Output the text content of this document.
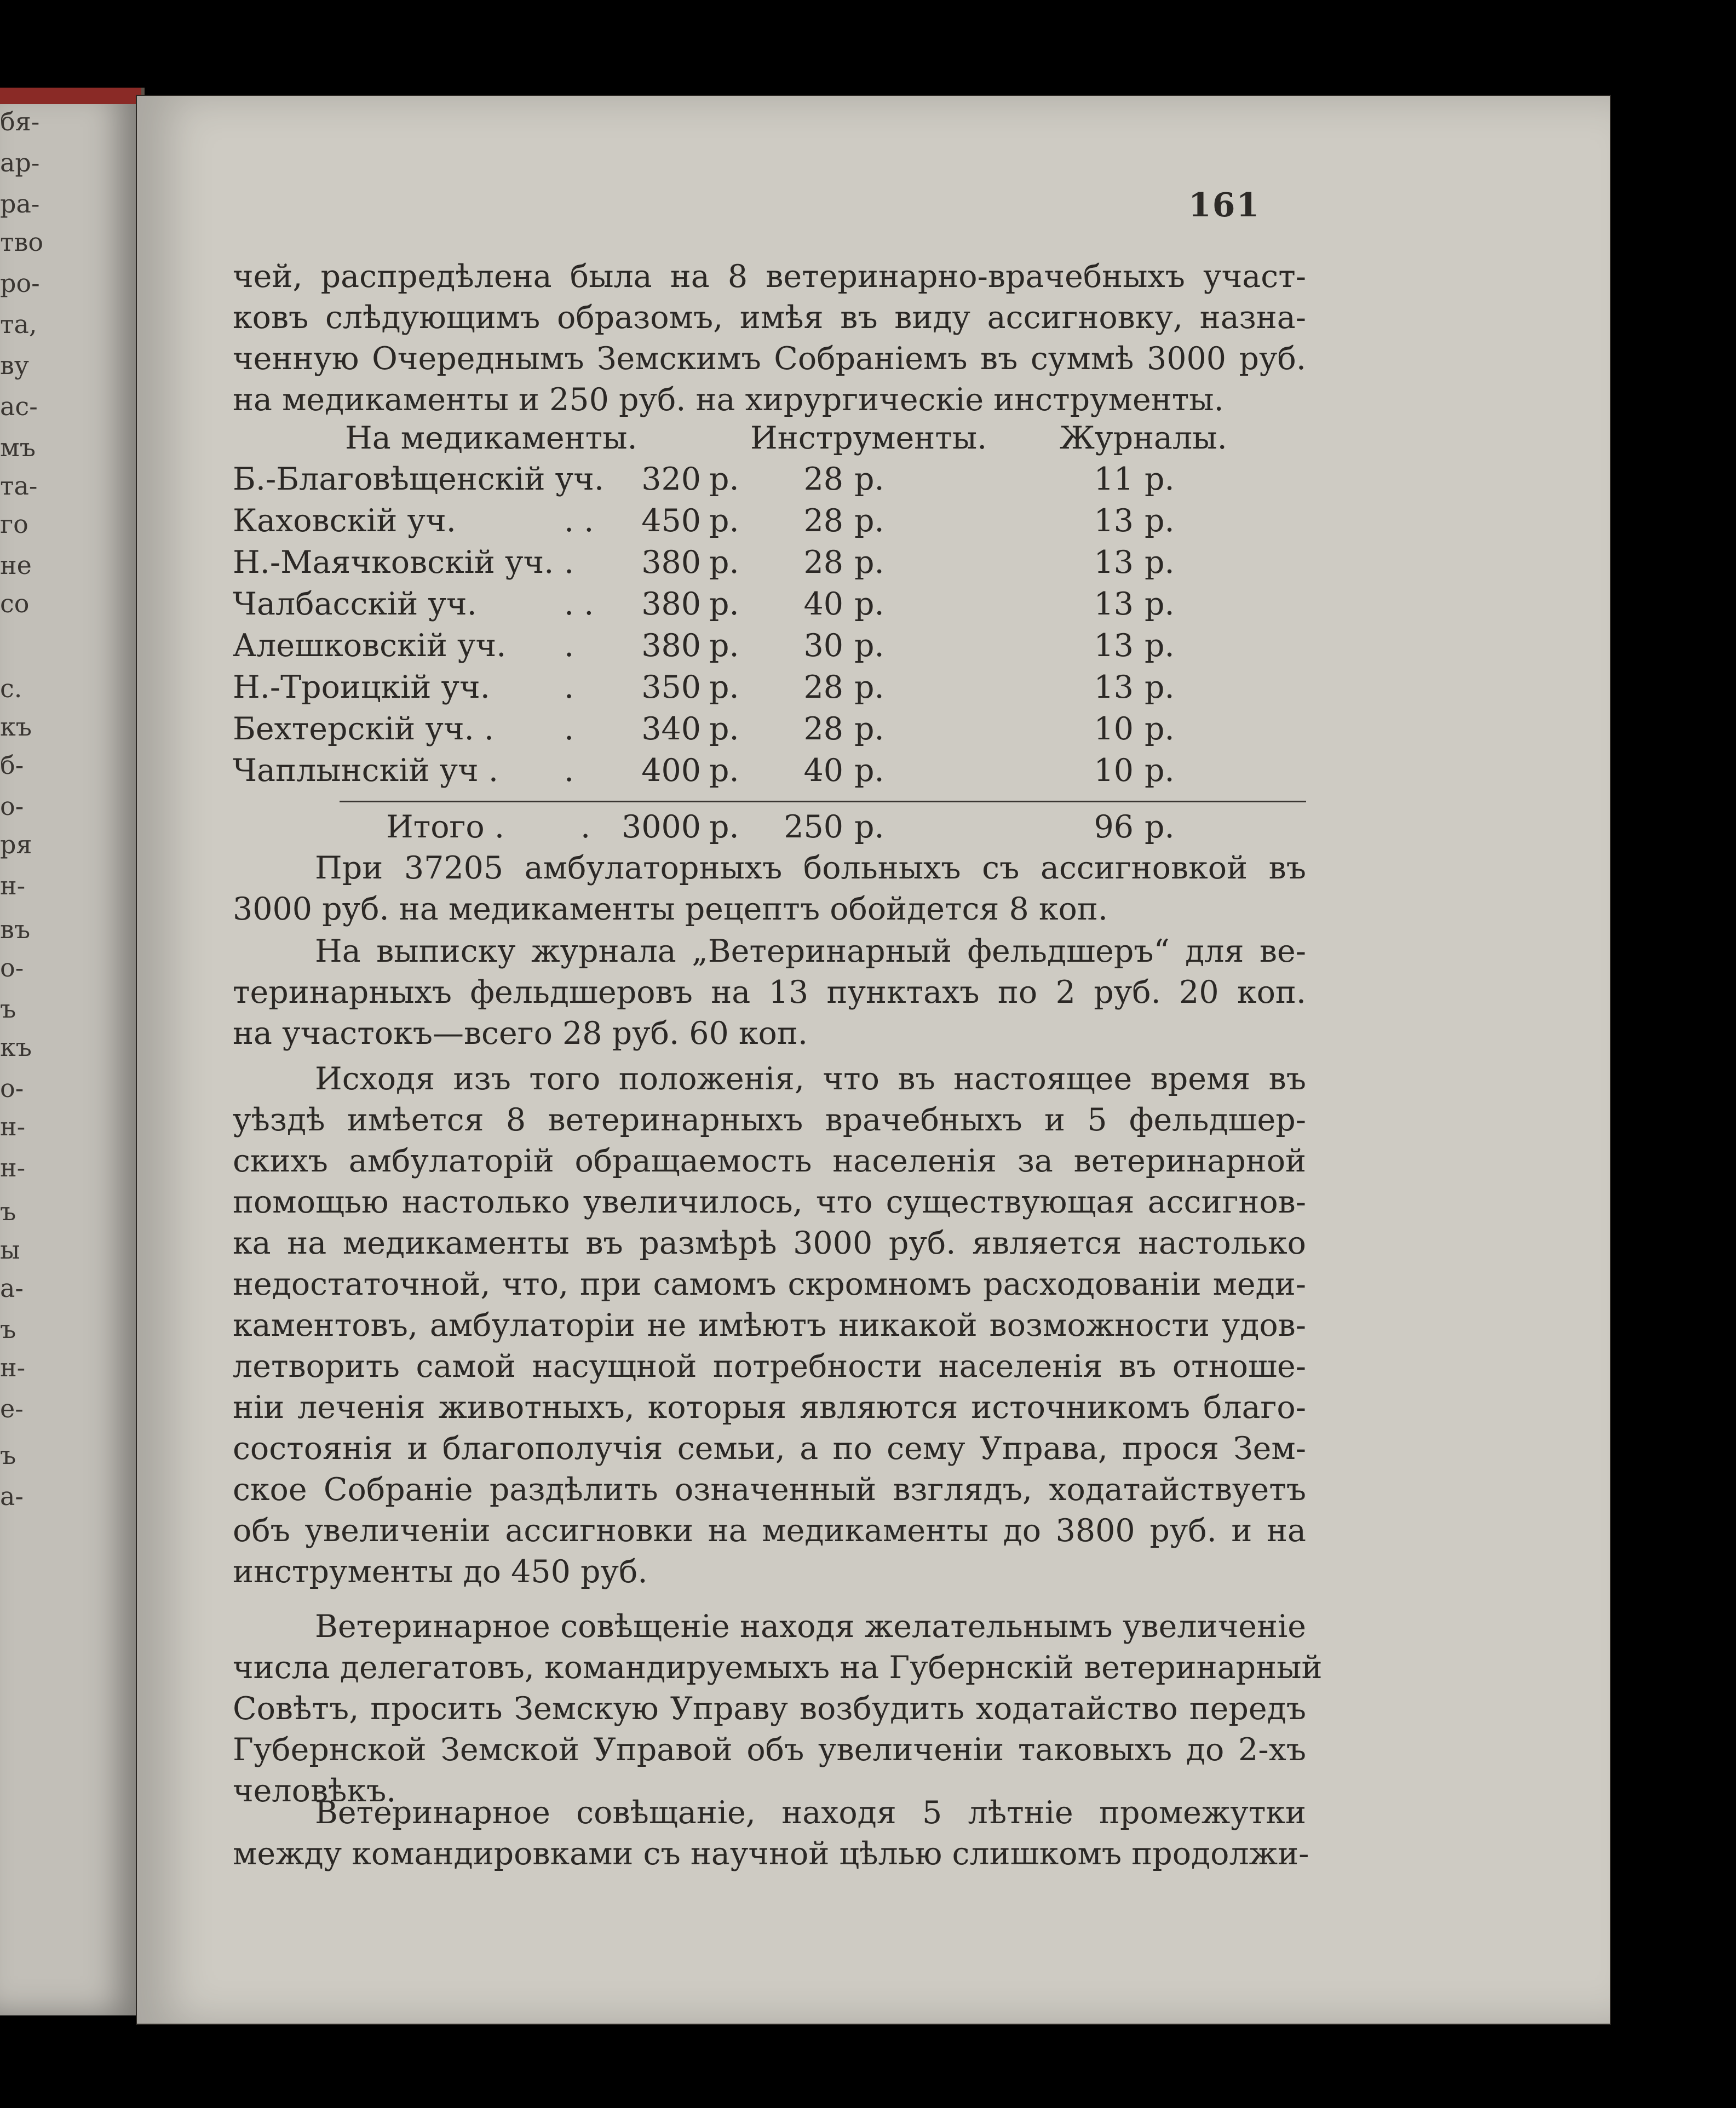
бя-
ар-
ра-
тво
ро-
та,
ву
ас-
мъ
та-
го
не
со
с.
къ
б-
о-
ря
н-
въ
о-
ъ
къ
о-
н-
н-
ъ
ы
а-
ъ
н-
е-
ъ
а-
161
чей, распредѣлена была на 8 ветеринарно-врачебныхъ участ-
ковъ слѣдующимъ образомъ, имѣя въ виду ассигновку, назна-
ченную Очереднымъ Земскимъ Собраніемъ въ суммѣ 3000 руб.
на медикаменты и 250 руб. на хирургическіе инструменты.
На медикаменты.	Инструменты. Журналы.
Б.-Благовѣщенскій уч.	320 р.	28 р.	11 р.
Каховскій уч.	. .	450 р.	28 р.	13 р.
Н.-Маячковскій уч. .	380 р.	28 р.	13 р.
Чалбасскій уч.	. .	380 р.	40 р.	13 р.
Алешковскій уч. .	380 р.	30 р.	13 р.
Н.-Троицкій уч. .	350 р.	28 р.	13 р.
Бехтерскій уч. . .	340 р.	28 р.	10 р.
Чаплынскій уч . .	400 р.	40 р.	10 р.
Итого . . 3000 р.	250 р.	96 р.
При 37205 амбулаторныхъ больныхъ съ ассигновкой въ
3000 руб. на медикаменты рецептъ обойдется 8 коп.
На выписку журнала „Ветеринарный фельдшеръ“ для ве-
теринарныхъ фельдшеровъ на 13 пунктахъ по 2 руб. 20 коп.
на участокъ—всего 28 руб. 60 коп.
Исходя изъ того положенія, что въ настоящее время въ
уѣздѣ имѣется 8 ветеринарныхъ врачебныхъ и 5 фельдшер-
скихъ амбулаторій обращаемость населенія за ветеринарной
помощью настолько увеличилось, что существующая ассигнов-
ка на медикаменты въ размѣрѣ 3000 руб. является настолько
недостаточной, что, при самомъ скромномъ расходованіи меди-
каментовъ, амбулаторіи не имѣютъ никакой возможности удов-
летворить самой насущной потребности населенія въ отноше-
ніи леченія животныхъ, которыя являются источникомъ благо-
состоянія и благополучія семьи, а по сему Управа, прося Зем-
ское Собраніе раздѣлить означенный взглядъ, ходатайствуетъ
объ увеличеніи ассигновки на медикаменты до 3800 руб. и на
инструменты до 450 руб.
Ветеринарное совѣщеніе находя желательнымъ увеличеніе
числа делегатовъ, командируемыхъ на Губернскій ветеринарный
Совѣтъ, просить Земскую Управу возбудить ходатайство передъ
Губернской Земской Управой объ увеличеніи таковыхъ до 2-хъ
человѣкъ.
Ветеринарное совѣщаніе, находя 5 лѣтніе промежутки
между командировками съ научной цѣлью слишкомъ продолжи-
